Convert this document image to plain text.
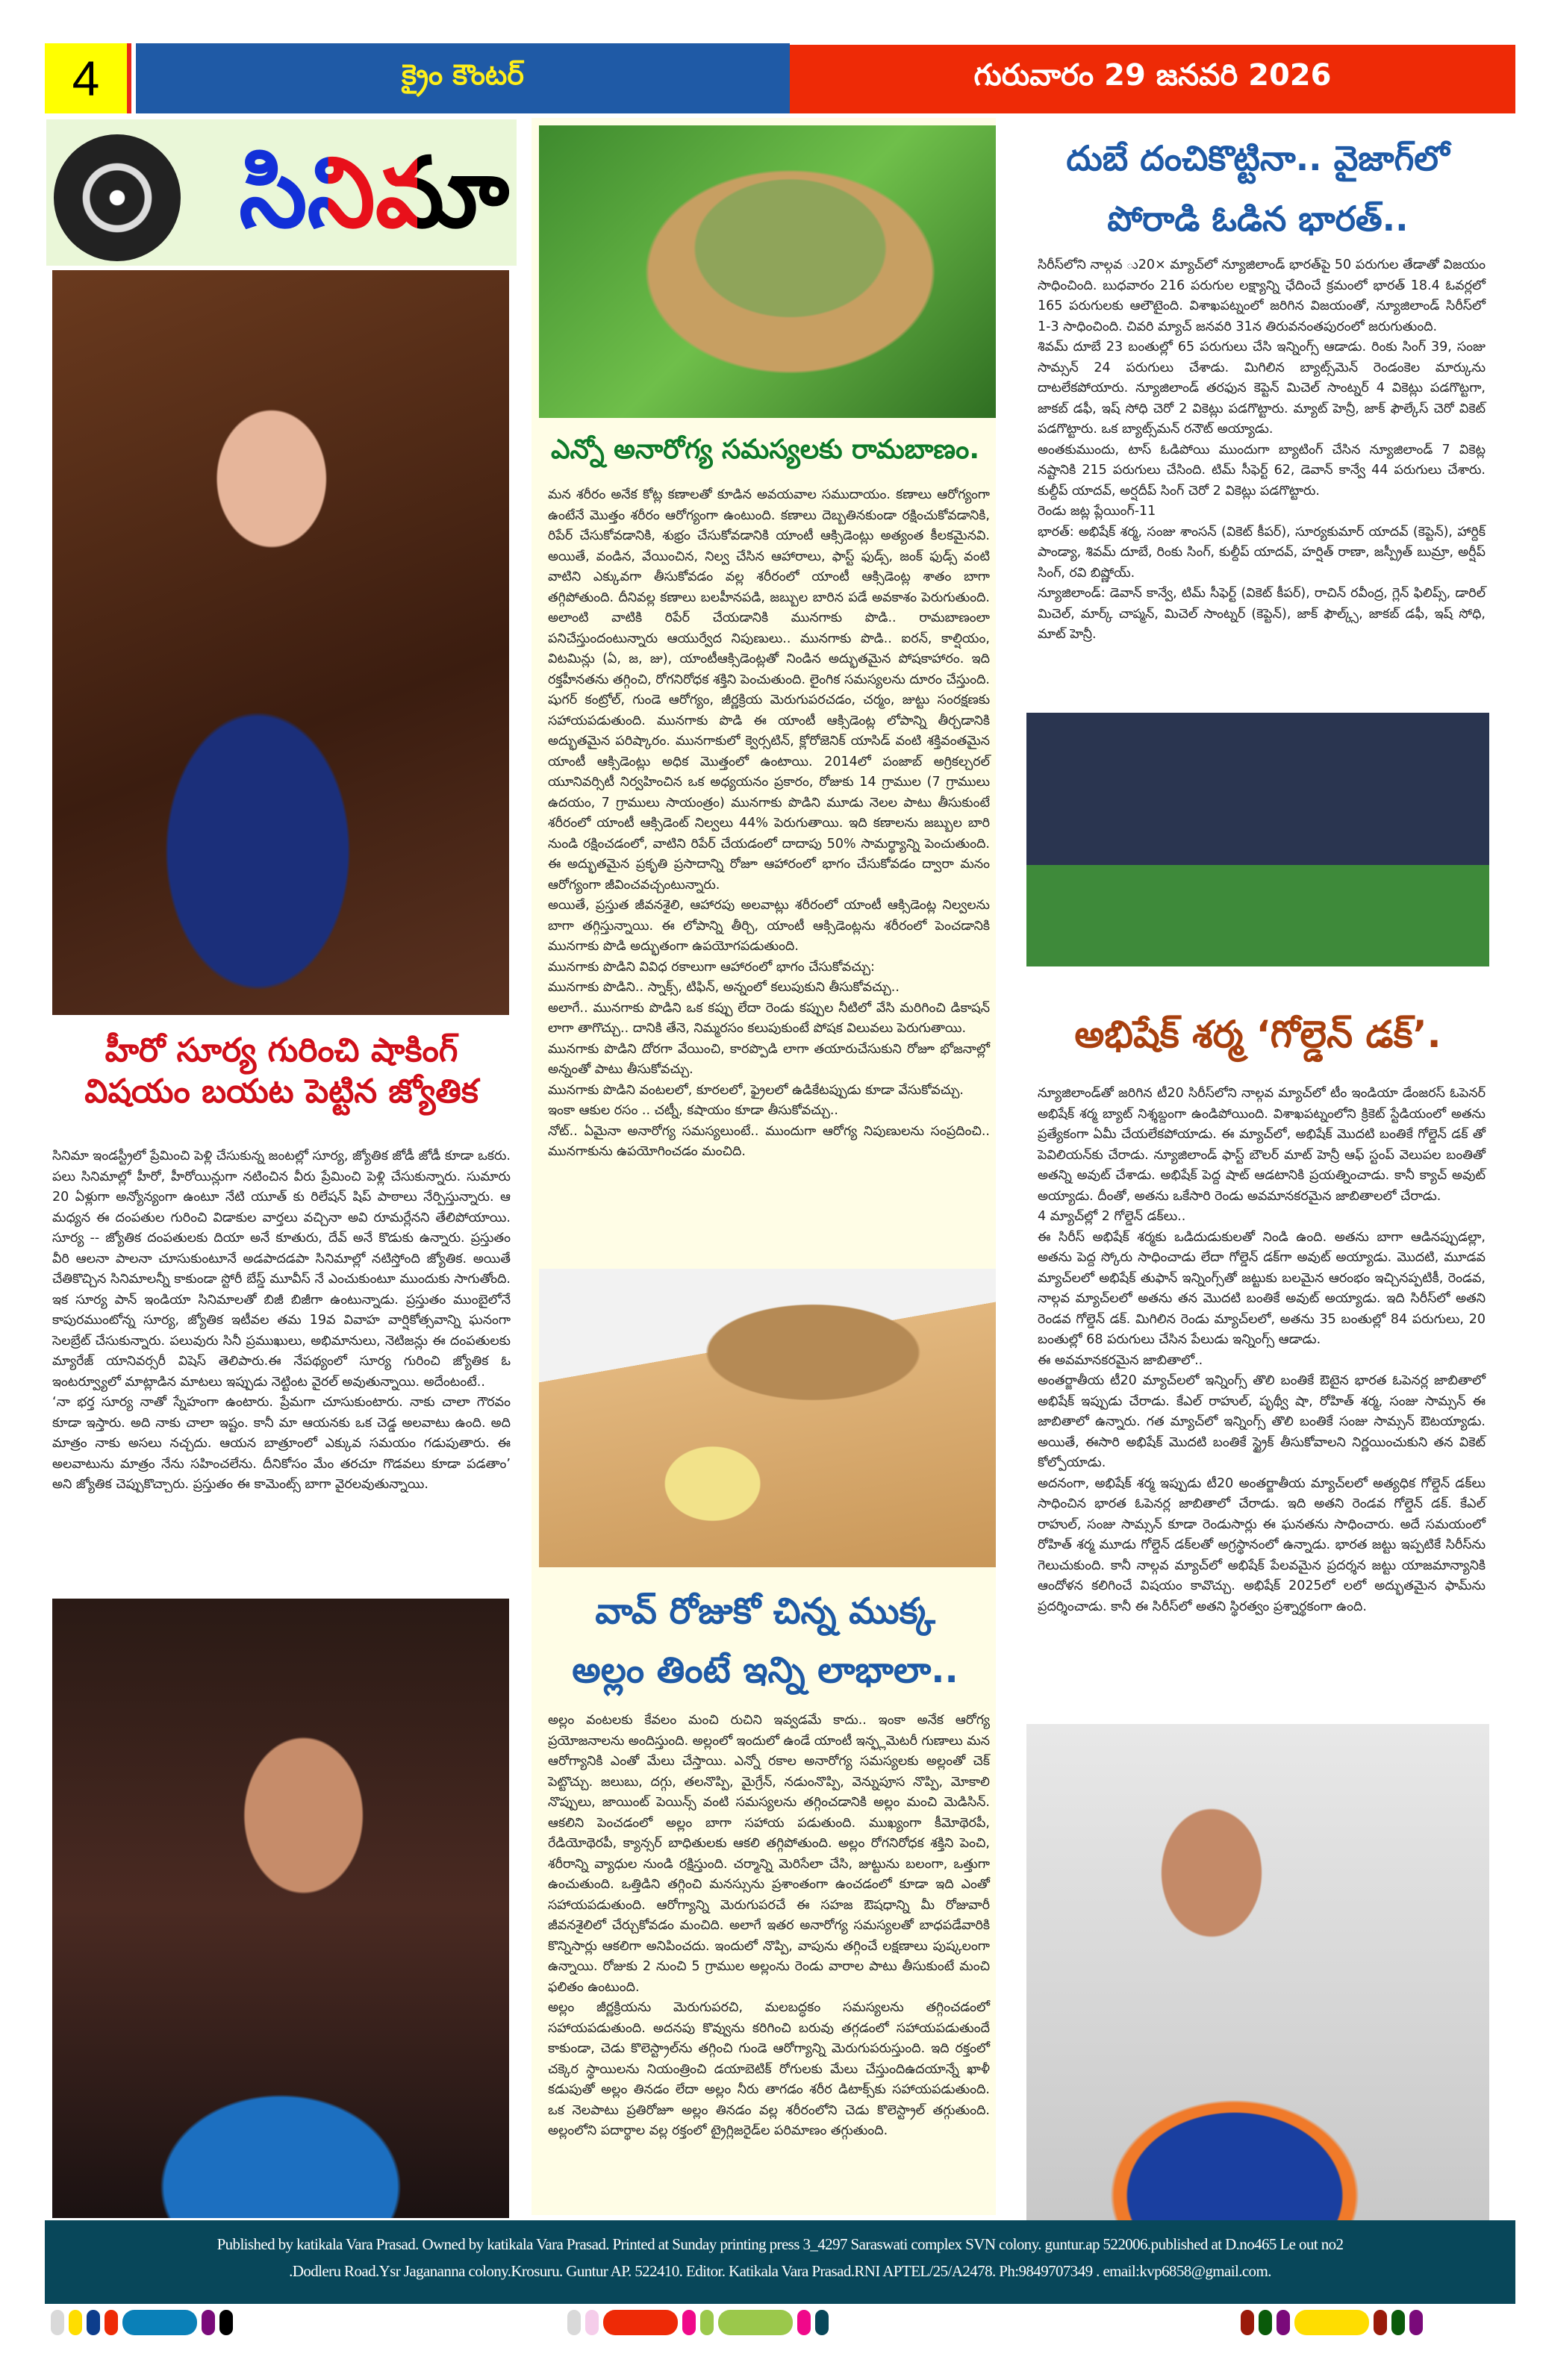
4	క్రైం కౌంటర్	గురువారం 29 జనవరి 2026
సినిమా
హీరో సూర్య గురించి షాకింగ్
విషయం బయట పెట్టిన జ్యోతిక

సినిమా ఇండస్ట్రీలో ప్రేమించి పెళ్లి చేసుకున్న జంటల్లో సూర్య, జ్యోతిక జోడీ జోడీ కూడా ఒకరు. పలు సినిమాల్లో హీరో, హీరోయిన్లుగా నటించిన వీరు ప్రేమించి పెళ్లి చేసుకున్నారు. సుమారు 20 ఏళ్లుగా అన్యోన్యంగా ఉంటూ నేటి యూత్ కు రిలేషన్ షిప్ పాఠాలు నేర్పిస్తున్నారు. ఆ మధ్యన ఈ దంపతుల గురించి విడాకుల వార్తలు వచ్చినా అవి రూమర్లేనని తేలిపోయాయి. సూర్య -- జ్యోతిక దంపతులకు దియా అనే కూతురు, దేవ్ అనే కొడుకు ఉన్నారు. ప్రస్తుతం వీరి ఆలనా పాలనా చూసుకుంటూనే అడపాదడపా సినిమాల్లో నటిస్తోంది జ్యోతిక. అయితే చేతికొచ్చిన సినిమాలన్నీ కాకుండా స్టోరీ బేస్డ్ మూవీస్ నే ఎంచుకుంటూ ముందుకు సాగుతోంది. ఇక సూర్య పాన్ ఇండియా సినిమాలతో బిజీ బిజీగా ఉంటున్నాడు. ప్రస్తుతం ముంబైలోనే కాపురముంటోన్న సూర్య, జ్యోతిక ఇటీవల తమ 19వ వివాహ వార్షికోత్సవాన్ని ఘనంగా సెలబ్రేట్ చేసుకున్నారు. పలువురు సినీ ప్రముఖులు, అభిమానులు, నెటిజన్లు ఈ దంపతులకు మ్యారేజ్ యానివర్సరీ విషెస్ తెలిపారు.ఈ నేపథ్యంలో సూర్య గురించి జ్యోతిక ఓ ఇంటర్వ్యూలో మాట్లాడిన మాటలు ఇప్పుడు నెట్టింట వైరల్ అవుతున్నాయి. అదేంటంటే..

‘నా భర్త సూర్య నాతో స్నేహంగా ఉంటారు. ప్రేమగా చూసుకుంటారు. నాకు చాలా గౌరవం కూడా ఇస్తారు. అది నాకు చాలా ఇష్టం. కానీ మా ఆయనకు ఒక చెడ్డ అలవాటు ఉంది. అది మాత్రం నాకు అసలు నచ్చదు. ఆయన బాత్రూంలో ఎక్కువ సమయం గడుపుతారు. ఈ అలవాటును మాత్రం నేను సహించలేను. దీనికోసం మేం తరచూ గొడవలు కూడా పడతాం’ అని జ్యోతిక చెప్పుకొచ్చారు. ప్రస్తుతం ఈ కామెంట్స్ బాగా వైరలవుతున్నాయి.

ఎన్నో అనారోగ్య సమస్యలకు రామబాణం.

మన శరీరం అనేక కోట్ల కణాలతో కూడిన అవయవాల సముదాయం. కణాలు ఆరోగ్యంగా ఉంటేనే మొత్తం శరీరం ఆరోగ్యంగా ఉంటుంది. కణాలు దెబ్బతినకుండా రక్షించుకోవడానికి, రిపేర్ చేసుకోవడానికి, శుభ్రం చేసుకోవడానికి యాంటీ ఆక్సిడెంట్లు అత్యంత కీలకమైనవి. అయితే, వండిన, వేయించిన, నిల్వ చేసిన ఆహారాలు, ఫాస్ట్ ఫుడ్స్, జంక్ ఫుడ్స్ వంటి వాటిని ఎక్కువగా తీసుకోవడం వల్ల శరీరంలో యాంటీ ఆక్సిడెంట్ల శాతం బాగా తగ్గిపోతుంది. దీనివల్ల కణాలు బలహీనపడి, జబ్బుల బారిన పడే అవకాశం పెరుగుతుంది. అలాంటి వాటికి రిపేర్ చేయడానికి మునగాకు పొడి.. రామబాణంలా పనిచేస్తుందంటున్నారు ఆయుర్వేద నిపుణులు.. మునగాకు పొడి.. ఐరన్, కాల్షియం, విటమిన్లు (ఏ, జ, జు), యాంటీఆక్సిడెంట్లతో నిండిన అద్భుతమైన పోషకాహారం. ఇది రక్తహీనతను తగ్గించి, రోగనిరోధక శక్తిని పెంచుతుంది. లైంగిక సమస్యలను దూరం చేస్తుంది. షుగర్ కంట్రోల్, గుండె ఆరోగ్యం, జీర్ణక్రియ మెరుగుపరచడం, చర్మం, జుట్టు సంరక్షణకు సహాయపడుతుంది. మునగాకు పొడి ఈ యాంటీ ఆక్సిడెంట్ల లోపాన్ని తీర్చడానికి అద్భుతమైన పరిష్కారం. మునగాకులో క్వెర్సటిన్, క్లోరోజెనిక్ యాసిడ్ వంటి శక్తివంతమైన యాంటీ ఆక్సిడెంట్లు అధిక మొత్తంలో ఉంటాయి. 2014లో పంజాబ్ అగ్రికల్చరల్ యూనివర్సిటీ నిర్వహించిన ఒక అధ్యయనం ప్రకారం, రోజుకు 14 గ్రాముల (7 గ్రాములు ఉదయం, 7 గ్రాములు సాయంత్రం) మునగాకు పొడిని మూడు నెలల పాటు తీసుకుంటే శరీరంలో యాంటీ ఆక్సిడెంట్ నిల్వలు 44% పెరుగుతాయి. ఇది కణాలను జబ్బుల బారి నుండి రక్షించడంలో, వాటిని రిపేర్ చేయడంలో దాదాపు 50% సామర్థ్యాన్ని పెంచుతుంది. ఈ అద్భుతమైన ప్రకృతి ప్రసాదాన్ని రోజూ ఆహారంలో భాగం చేసుకోవడం ద్వారా మనం ఆరోగ్యంగా జీవించవచ్చంటున్నారు.

అయితే, ప్రస్తుత జీవనశైలి, ఆహారపు అలవాట్లు శరీరంలో యాంటీ ఆక్సిడెంట్ల నిల్వలను బాగా తగ్గిస్తున్నాయి. ఈ లోపాన్ని తీర్చి, యాంటీ ఆక్సిడెంట్లను శరీరంలో పెంచడానికి మునగాకు పొడి అద్భుతంగా ఉపయోగపడుతుంది.

మునగాకు పొడిని వివిధ రకాలుగా ఆహారంలో భాగం చేసుకోవచ్చు:

మునగాకు పొడిని.. స్నాక్స్, టిఫిన్, అన్నంలో కలుపుకుని తీసుకోవచ్చు..

అలాగే.. మునగాకు పొడిని ఒక కప్పు లేదా రెండు కప్పుల నీటిలో వేసి మరిగించి డికాషన్ లాగా తాగొచ్చు.. దానికి తేనె, నిమ్మరసం కలుపుకుంటే పోషక విలువలు పెరుగుతాయి.

మునగాకు పొడిని దోరగా వేయించి, కారప్పొడి లాగా తయారుచేసుకుని రోజూ భోజనాల్లో అన్నంతో పాటు తీసుకోవచ్చు.

మునగాకు పొడిని వంటలలో, కూరలలో, ఫ్రైలలో ఉడికేటప్పుడు కూడా వేసుకోవచ్చు.

ఇంకా ఆకుల రసం .. చట్నీ, కషాయం కూడా తీసుకోవచ్చు..

నోట్.. ఏమైనా అనారోగ్య సమస్యలుంటే.. ముందుగా ఆరోగ్య నిపుణులను సంప్రదించి.. మునగాకును ఉపయోగించడం మంచిది.

వావ్ రోజుకో చిన్న ముక్క
అల్లం తింటే ఇన్ని లాభాలా..

అల్లం వంటలకు కేవలం మంచి రుచిని ఇవ్వడమే కాదు.. ఇంకా అనేక ఆరోగ్య ప్రయోజనాలను అందిస్తుంది. అల్లంలో ఇందులో ఉండే యాంటీ ఇన్ఫ్లమెటరీ గుణాలు మన ఆరోగ్యానికి ఎంతో మేలు చేస్తాయి. ఎన్నో రకాల అనారోగ్య సమస్యలకు అల్లంతో చెక్ పెట్టొచ్చు. జలుబు, దగ్గు, తలనొప్పి, మైగ్రేన్, నడుంనొప్పి, వెన్నుపూస నొప్పి, మోకాలి నొప్పులు, జాయింట్ పెయిన్స్ వంటి సమస్యలను తగ్గించడానికి అల్లం మంచి మెడిసిన్. ఆకలిని పెంచడంలో అల్లం బాగా సహాయ పడుతుంది. ముఖ్యంగా కీమోథెరపీ, రేడియోథెరపీ, క్యాన్సర్ బాధితులకు ఆకలి తగ్గిపోతుంది. అల్లం రోగనిరోధక శక్తిని పెంచి, శరీరాన్ని వ్యాధుల నుండి రక్షిస్తుంది. చర్మాన్ని మెరిసేలా చేసి, జుట్టును బలంగా, ఒత్తుగా ఉంచుతుంది. ఒత్తిడిని తగ్గించి మనస్సును ప్రశాంతంగా ఉంచడంలో కూడా ఇది ఎంతో సహాయపడుతుంది. ఆరోగ్యాన్ని మెరుగుపరచే ఈ సహజ ఔషధాన్ని మీ రోజువారీ జీవనశైలిలో చేర్చుకోవడం మంచిది. అలాగే ఇతర అనారోగ్య సమస్యలతో బాధపడేవారికి కొన్నిసార్లు ఆకలిగా అనిపించదు. ఇందులో నొప్పి, వాపును తగ్గించే లక్షణాలు పుష్కలంగా ఉన్నాయి. రోజుకు 2 నుంచి 5 గ్రాముల అల్లంను రెండు వారాల పాటు తీసుకుంటే మంచి ఫలితం ఉంటుంది.

అల్లం జీర్ణక్రియను మెరుగుపరచి, మలబద్ధకం సమస్యలను తగ్గించడంలో సహాయపడుతుంది. అదనపు కొవ్వును కరిగించి బరువు తగ్గడంలో సహాయపడుతుందే కాకుండా, చెడు కొలెస్ట్రాల్‌ను తగ్గించి గుండె ఆరోగ్యాన్ని మెరుగుపరుస్తుంది. ఇది రక్తంలో చక్కెర స్థాయిలను నియంత్రించి డయాబెటిక్ రోగులకు మేలు చేస్తుందిఉదయాన్నే ఖాళీ కడుపుతో అల్లం తినడం లేదా అల్లం నీరు తాగడం శరీర డిటాక్స్‌కు సహాయపడుతుంది. ఒక నెలపాటు ప్రతిరోజూ అల్లం తినడం వల్ల శరీరంలోని చెడు కొలెస్ట్రాల్ తగ్గుతుంది. అల్లంలోని పదార్థాల వల్ల రక్తంలో ట్రైగ్లిజరైడ్‌ల పరిమాణం తగ్గుతుంది.

దుబే దంచికొట్టినా.. వైజాగ్‌లో
పోరాడి ఓడిన భారత్..

సిరీస్‌లోని నాల్గవ ు20× మ్యాచ్‌లో న్యూజిలాండ్ భారత్‌పై 50 పరుగుల తేడాతో విజయం సాధించింది. బుధవారం 216 పరుగుల లక్ష్యాన్ని ఛేదించే క్రమంలో భారత్ 18.4 ఓవర్లలో 165 పరుగులకు ఆలౌటైంది. విశాఖపట్నంలో జరిగిన విజయంతో, న్యూజిలాండ్ సిరీస్‌లో 1-3 సాధించింది. చివరి మ్యాచ్ జనవరి 31న తిరువనంతపురంలో జరుగుతుంది.

శివమ్ దూబే 23 బంతుల్లో 65 పరుగులు చేసి ఇన్నింగ్స్ ఆడాడు. రింకు సింగ్ 39, సంజు సామ్సన్ 24 పరుగులు చేశాడు. మిగిలిన బ్యాట్స్‌మెన్ రెండంకెల మార్కును దాటలేకపోయారు. న్యూజిలాండ్ తరఫున కెప్టెన్ మిచెల్ సాంట్నర్ 4 వికెట్లు పడగొట్టగా, జాకబ్ డఫీ, ఇష్ సోధి చెరో 2 వికెట్లు పడగొట్టారు. మ్యాట్ హెన్రీ, జాక్ ఫౌల్కేస్ చెరో వికెట్ పడగొట్టారు. ఒక బ్యాట్స్‌మన్ రనౌట్ అయ్యాడు.

అంతకుముందు, టాస్ ఓడిపోయి ముందుగా బ్యాటింగ్ చేసిన న్యూజిలాండ్ 7 వికెట్ల నష్టానికి 215 పరుగులు చేసింది. టిమ్ సీఫెర్ట్ 62, డెవాన్ కాన్వే 44 పరుగులు చేశారు. కుల్దీప్ యాదవ్, అర్షదీప్ సింగ్ చెరో 2 వికెట్లు పడగొట్టారు.

రెండు జట్ల ప్లేయింగ్-11

భారత్: అభిషేక్ శర్మ, సంజు శాంసన్ (వికెట్ కీపర్), సూర్యకుమార్ యాదవ్ (కెప్టెన్), హార్దిక్ పాండ్యా, శివమ్ దూబే, రింకు సింగ్, కుల్దీప్ యాదవ్, హర్షిత్ రాణా, జస్ప్రీత్ బుమ్రా, అర్షీప్ సింగ్, రవి బిష్ణోయ్.

న్యూజిలాండ్: డెవాన్ కాన్వే, టిమ్ సీఫెర్ట్ (వికెట్ కీపర్), రాచిన్ రవీంద్ర, గ్లెన్ ఫిలిప్స్, డారిల్ మిచెల్, మార్క్ చాప్మన్, మిచెల్ సాంట్నర్ (కెప్టెన్), జాక్ ఫౌల్క్స్, జాకబ్ డఫీ, ఇష్ సోధి, మాట్ హెన్రీ.

అభిషేక్ శర్మ ‘గోల్డెన్ డక్’.

న్యూజిలాండ్‌తో జరిగిన టీ20 సిరీస్‌లోని నాల్గవ మ్యాచ్‌లో టీం ఇండియా డేంజరస్ ఓపెనర్ అభిషేక్ శర్మ బ్యాట్ నిశ్శబ్దంగా ఉండిపోయింది. విశాఖపట్నంలోని క్రికెట్ స్టేడియంలో అతను ప్రత్యేకంగా ఏమీ చేయలేకపోయాడు. ఈ మ్యాచ్‌లో, అభిషేక్ మొదటి బంతికే గోల్డెన్ డక్ తో పెవిలియన్‌కు చేరాడు. న్యూజిలాండ్ ఫాస్ట్ బౌలర్ మాట్ హెన్రీ ఆఫ్ స్టంప్ వెలుపల బంతితో అతన్ని అవుట్ చేశాడు. అభిషేక్ పెద్ద షాట్ ఆడటానికి ప్రయత్నించాడు. కానీ క్యాచ్ అవుట్ అయ్యాడు. దీంతో, అతను ఒకేసారి రెండు అవమానకరమైన జాబితాలలో చేరాడు.

4 మ్యాచ్‌ల్లో 2 గోల్డెన్ డక్‌లు..

ఈ సిరీస్ అభిషేక్ శర్మకు ఒడిదుడుకులతో నిండి ఉంది. అతను బాగా ఆడినప్పుడల్లా, అతను పెద్ద స్కోరు సాధించాడు లేదా గోల్డెన్ డక్‌గా అవుట్ అయ్యాడు. మొదటి, మూడవ మ్యాచ్‌లలో అభిషేక్ తుఫాన్ ఇన్నింగ్స్‌తో జట్టుకు బలమైన ఆరంభం ఇచ్చినప్పటికీ, రెండవ, నాల్గవ మ్యాచ్‌లలో అతను తన మొదటి బంతికే అవుట్ అయ్యాడు. ఇది సిరీస్‌లో అతని రెండవ గోల్డెన్ డక్. మిగిలిన రెండు మ్యాచ్‌లలో, అతను 35 బంతుల్లో 84 పరుగులు, 20 బంతుల్లో 68 పరుగులు చేసిన పేలుడు ఇన్నింగ్స్ ఆడాడు.

ఈ అవమానకరమైన జాబితాలో..

అంతర్జాతీయ టీ20 మ్యాచ్‌లలో ఇన్నింగ్స్ తొలి బంతికే ఔటైన భారత ఓపెనర్ల జాబితాలో అభిషేక్ ఇప్పుడు చేరాడు. కేఎల్ రాహుల్, పృథ్వీ షా, రోహిత్ శర్మ, సంజు సామ్సన్ ఈ జాబితాలో ఉన్నారు. గత మ్యాచ్‌లో ఇన్నింగ్స్ తొలి బంతికే సంజు సామ్సన్ ఔటయ్యాడు. అయితే, ఈసారి అభిషేక్ మొదటి బంతికే స్ట్రైక్ తీసుకోవాలని నిర్ణయించుకుని తన వికెట్ కోల్పోయాడు.

అదనంగా, అభిషేక్ శర్మ ఇప్పుడు టీ20 అంతర్జాతీయ మ్యాచ్‌లలో అత్యధిక గోల్డెన్ డక్‌లు సాధించిన భారత ఓపెనర్ల జాబితాలో చేరాడు. ఇది అతని రెండవ గోల్డెన్ డక్. కేఎల్ రాహుల్, సంజు సామ్సన్ కూడా రెండుసార్లు ఈ ఘనతను సాధించారు. అదే సమయంలో రోహిత్ శర్మ మూడు గోల్డెన్ డక్‌లతో అగ్రస్థానంలో ఉన్నాడు. భారత జట్టు ఇప్పటికే సిరీస్‌ను గెలుచుకుంది. కానీ నాల్గవ మ్యాచ్‌లో అభిషేక్ పేలవమైన ప్రదర్శన జట్టు యాజమాన్యానికి ఆందోళన కలిగించే విషయం కావొచ్చు. అభిషేక్ 2025లో లలో అద్భుతమైన ఫామ్‌ను ప్రదర్శించాడు. కానీ ఈ సిరీస్‌లో అతని స్థిరత్వం ప్రశ్నార్థకంగా ఉంది.

Published by katikala Vara Prasad. Owned by katikala Vara Prasad. Printed at Sunday printing press 3_4297 Saraswati complex SVN colony. guntur.ap 522006.published at D.no465 Le out no2
.Dodleru Road.Ysr Jagananna colony.Krosuru. Guntur AP. 522410. Editor. Katikala Vara Prasad.RNI APTEL/25/A2478. Ph:9849707349 . email:kvp6858@gmail.com.
